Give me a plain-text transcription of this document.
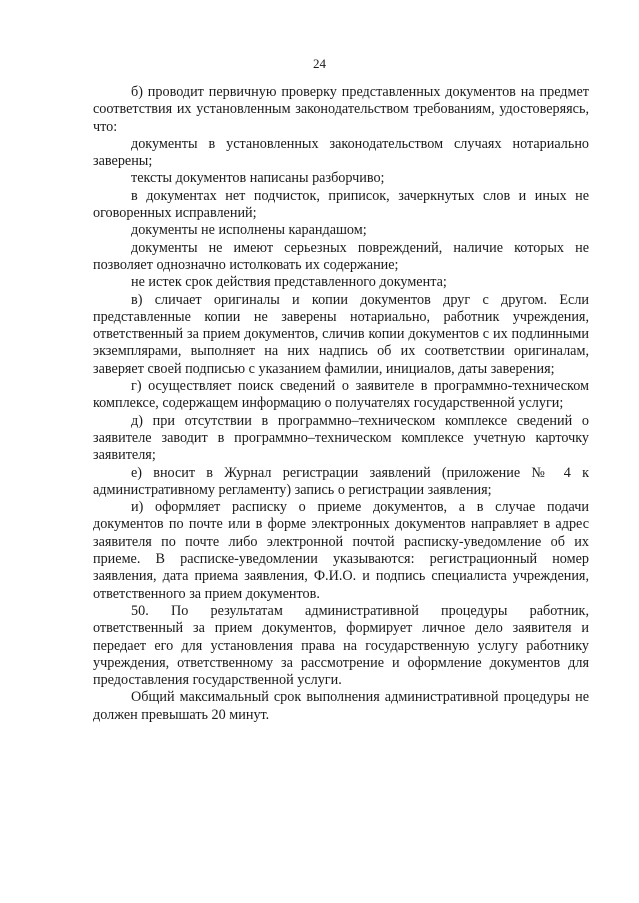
24

б) проводит первичную проверку представленных документов на предмет соответствия их установленным законодательством требованиям, удостоверяясь, что:

документы в установленных законодательством случаях нотариально заверены;

тексты документов написаны разборчиво;

в документах нет подчисток, приписок, зачеркнутых слов и иных не оговоренных исправлений;

документы не исполнены карандашом;

документы не имеют серьезных повреждений, наличие которых не позволяет однозначно истолковать их содержание;

не истек срок действия представленного документа;

в) сличает оригиналы и копии документов друг с другом. Если представленные копии не заверены нотариально, работник учреждения, ответственный за прием документов, сличив копии документов с их подлинными экземплярами, выполняет на них надпись об их соответствии оригиналам, заверяет своей подписью с указанием фамилии, инициалов, даты заверения;

г) осуществляет поиск сведений о заявителе в программно-техническом комплексе, содержащем информацию о получателях государственной услуги;

д) при отсутствии в программно–техническом комплексе сведений о заявителе заводит в программно–техническом комплексе учетную карточку заявителя;

е) вносит в Журнал регистрации заявлений (приложение № 4 к административному регламенту) запись о регистрации заявления;

и) оформляет расписку о приеме документов, а в случае подачи документов по почте или в форме электронных документов направляет в адрес заявителя по почте либо электронной почтой расписку-уведомление об их приеме. В расписке-уведомлении указываются: регистрационный номер заявления, дата приема заявления, Ф.И.О. и подпись специалиста учреждения, ответственного за прием документов.

50. По результатам административной процедуры работник, ответственный за прием документов, формирует личное дело заявителя и передает его для установления права на государственную услугу работнику учреждения, ответственному за рассмотрение и оформление документов для предоставления государственной услуги.

Общий максимальный срок выполнения административной процедуры не должен превышать 20 минут.
